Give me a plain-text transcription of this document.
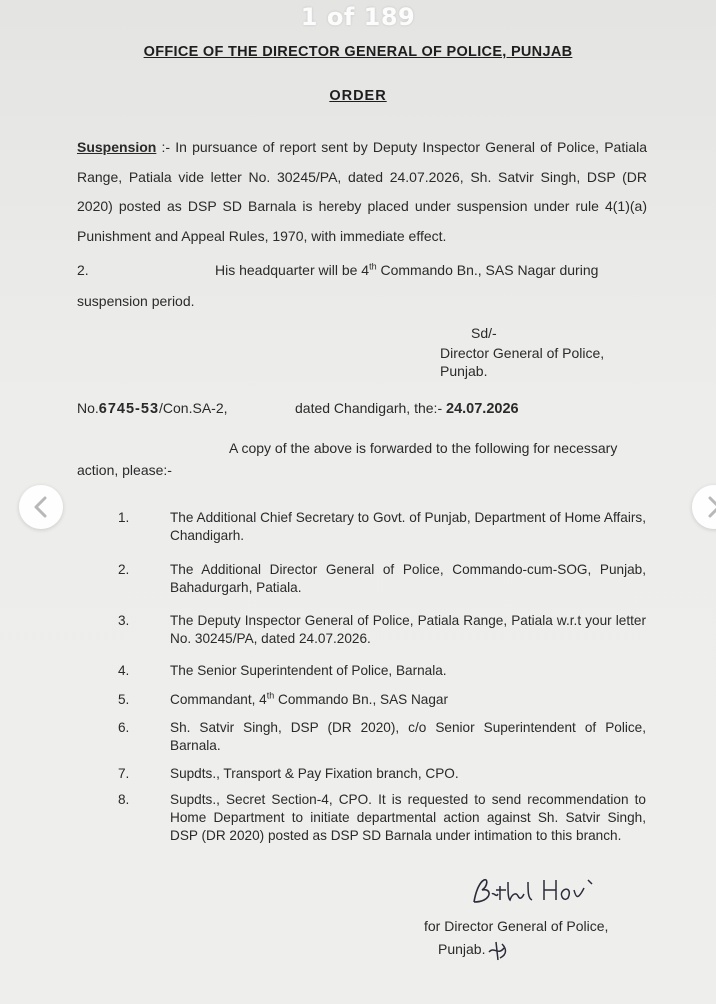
1 of 189
OFFICE OF THE DIRECTOR GENERAL OF POLICE, PUNJAB
ORDER
Suspension :- In pursuance of report sent by Deputy Inspector General of Police, Patiala Range, Patiala vide letter No. 30245/PA, dated 24.07.2026, Sh. Satvir Singh, DSP (DR 2020) posted as DSP SD Barnala is hereby placed under suspension under rule 4(1)(a) Punishment and Appeal Rules, 1970, with immediate effect.
2.	His headquarter will be 4th Commando Bn., SAS Nagar during
suspension period.
Sd/-
Director General of Police,
Punjab.
No.6745-53/Con.SA-2,	dated Chandigarh, the:- 24.07.2026
A copy of the above is forwarded to the following for necessary
action, please:-
1.	The Additional Chief Secretary to Govt. of Punjab, Department of Home Affairs, Chandigarh.
2.	The Additional Director General of Police, Commando-cum-SOG, Punjab, Bahadurgarh, Patiala.
3.	The Deputy Inspector General of Police, Patiala Range, Patiala w.r.t your letter No. 30245/PA, dated 24.07.2026.
4.	The Senior Superintendent of Police, Barnala.
5.	Commandant, 4th Commando Bn., SAS Nagar
6.	Sh. Satvir Singh, DSP (DR 2020), c/o Senior Superintendent of Police, Barnala.
7.	Supdts., Transport & Pay Fixation branch, CPO.
8.	Supdts., Secret Section-4, CPO. It is requested to send recommendation to Home Department to initiate departmental action against Sh. Satvir Singh, DSP (DR 2020) posted as DSP SD Barnala under intimation to this branch.
for Director General of Police,
Punjab.
